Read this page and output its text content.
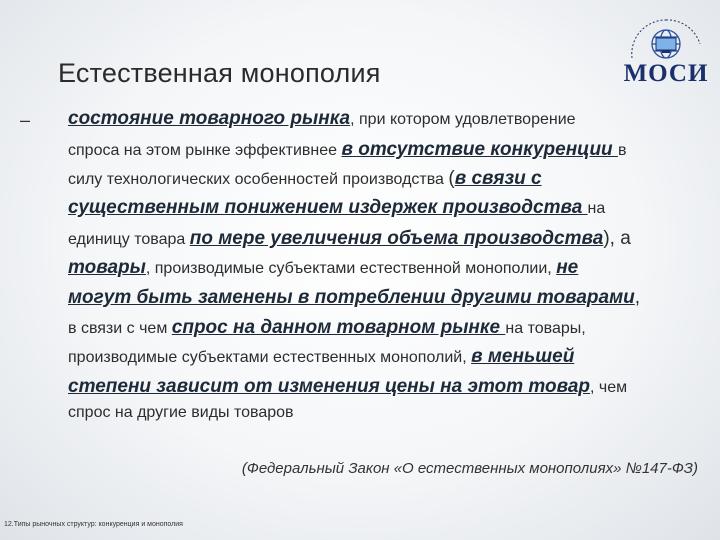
Естественная монополия	МОСИ
– состояние товарного рынка, при котором удовлетворение
спроса на этом рынке эффективнее в отсутствие конкуренции в
силу технологических особенностей производства (в связи с
существенным понижением издержек производства на
единицу товара по мере увеличения объема производства), а
товары, производимые субъектами естественной монополии, не
могут быть заменены в потреблении другими товарами,
в связи с чем спрос на данном товарном рынке на товары,
производимые субъектами естественных монополий, в меньшей
степени зависит от изменения цены на этот товар, чем
спрос на другие виды товаров
(Федеральный Закон «О естественных монополиях» №147-ФЗ)
12.Типы рыночных структур: конкуренция и монополия
